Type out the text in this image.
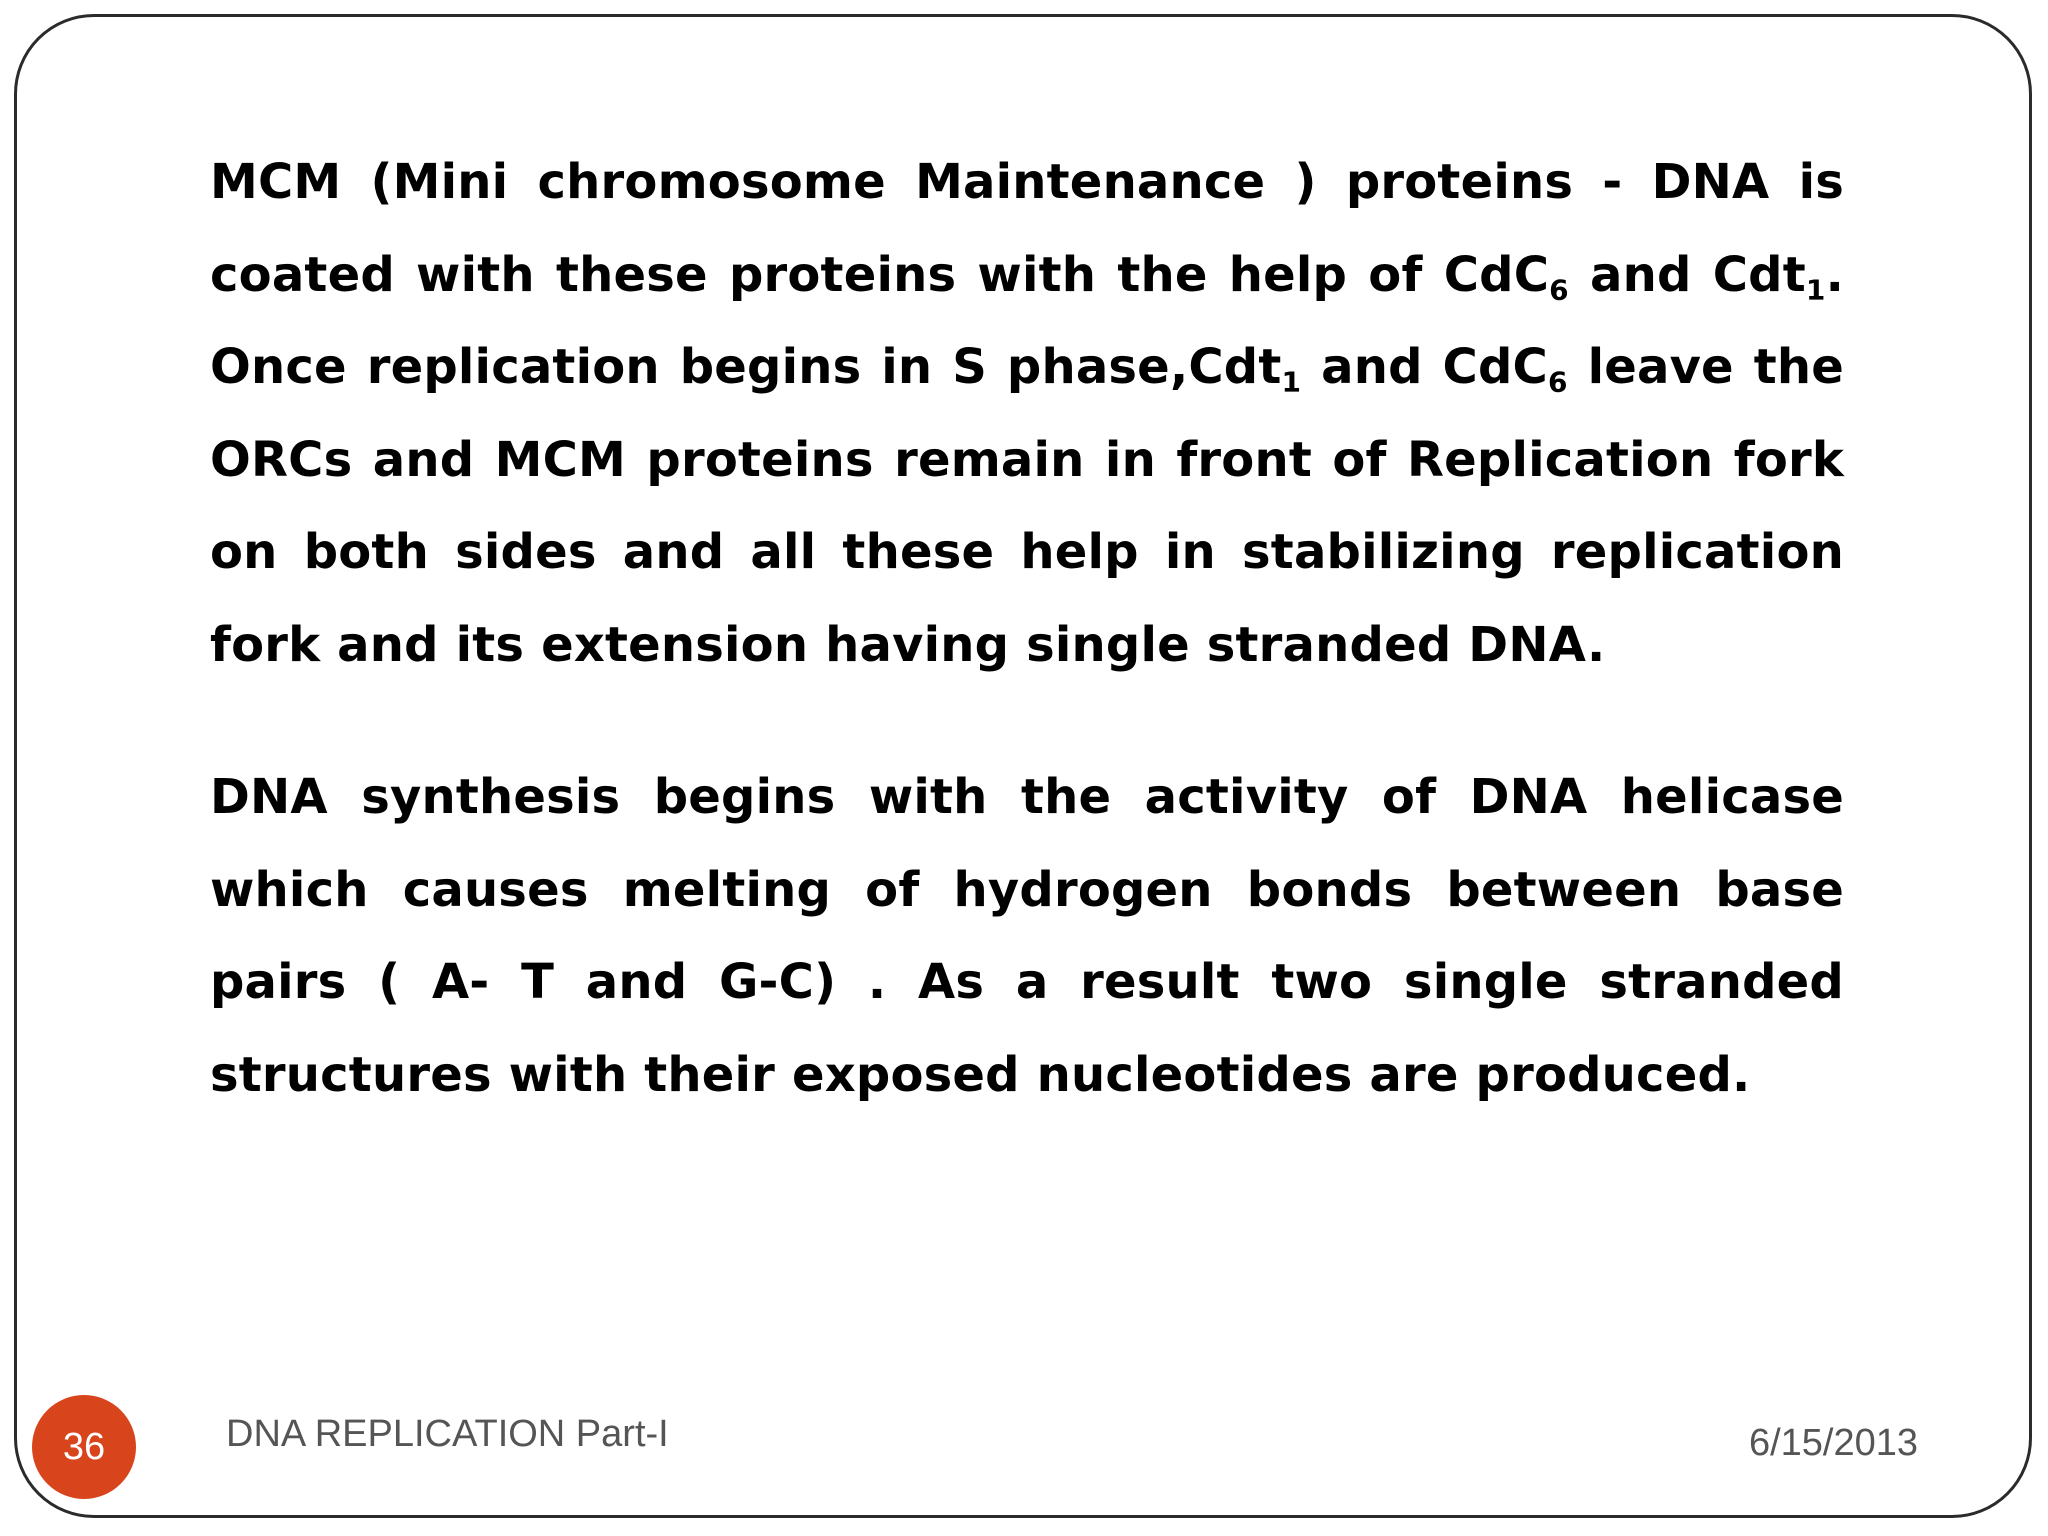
MCM (Mini chromosome Maintenance ) proteins - DNA is coated with these proteins with the help of CdC$_6$ and Cdt$_1$. Once replication begins in S phase,Cdt$_1$ and CdC$_6$ leave the ORCs and MCM proteins remain in front of Replication fork on both sides and all these help in stabilizing replication fork and its extension having single stranded DNA.

DNA synthesis begins with the activity of DNA helicase which causes melting of hydrogen bonds between base pairs ( A- T and G-C) . As a result two single stranded structures with their exposed nucleotides are produced.

36	DNA REPLICATION Part-I	6/15/2013
